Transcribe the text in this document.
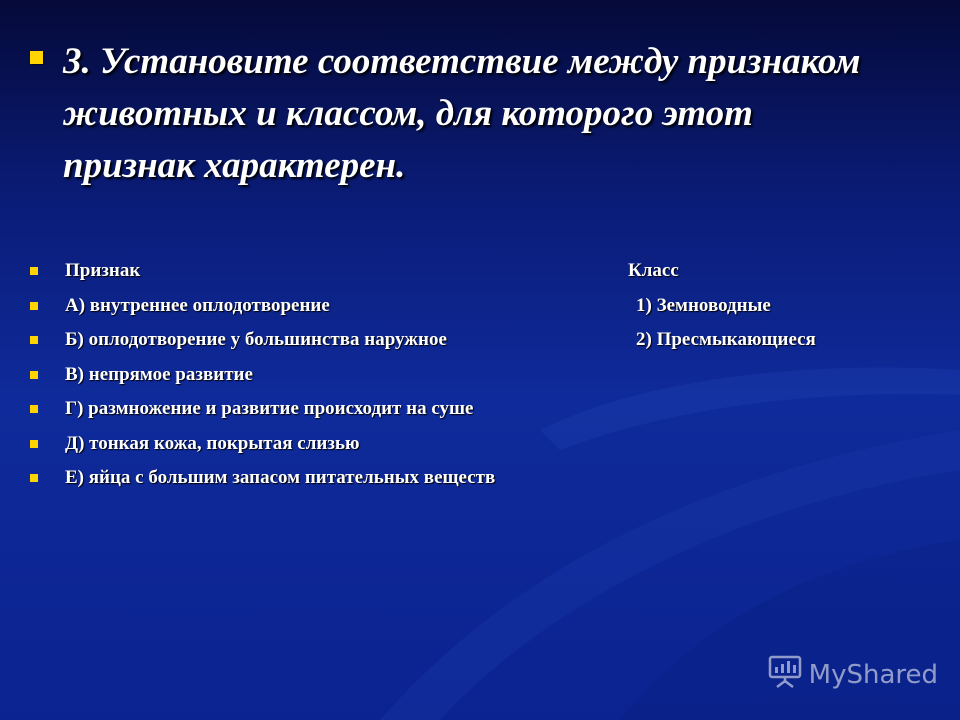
3. Установите соответствие между признаком
животных и классом, для которого этот
признак характерен.
Признак	Класс
А) внутреннее оплодотворение	1) Земноводные
Б) оплодотворение у большинства наружное	2) Пресмыкающиеся
В) непрямое развитие
Г) размножение и развитие происходит на суше
Д) тонкая кожа, покрытая слизью
Е) яйца с большим запасом питательных веществ
MyShared
